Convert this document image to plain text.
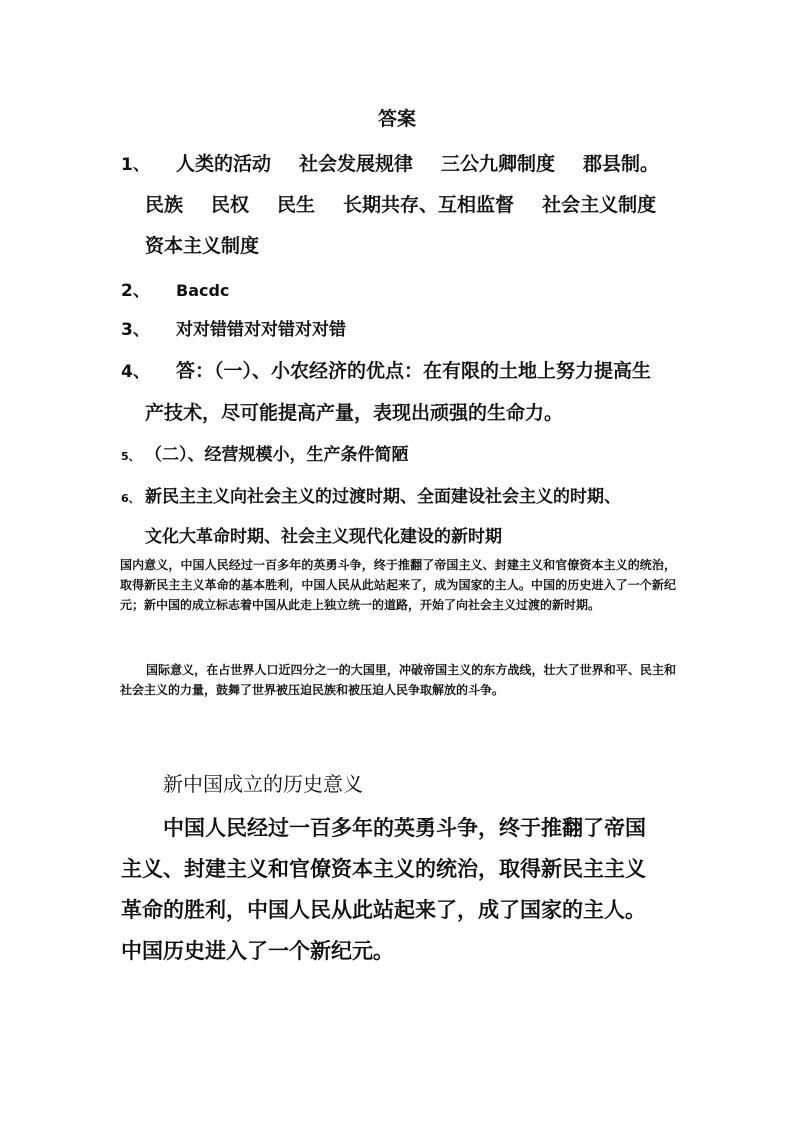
答案
1、 人类的活动 社会发展规律 三公九卿制度 郡县制。
民族 民权 民生 长期共存、互相监督 社会主义制度
资本主义制度
2、 Bacdc
3、 对对错错对对错对对错
4、 答：（一）、小农经济的优点：在有限的土地上努力提高生
产技术，尽可能提高产量，表现出顽强的生命力。
5、 （二）、经营规模小，生产条件简陋
6、 新民主主义向社会主义的过渡时期、全面建设社会主义的时期、
文化大革命时期、社会主义现代化建设的新时期
国内意义，中国人民经过一百多年的英勇斗争，终于推翻了帝国主义、封建主义和官僚资本主义的统治，取得新民主主义革命的基本胜利，中国人民从此站起来了，成为国家的主人。中国的历史进入了一个新纪元；新中国的成立标志着中国从此走上独立统一的道路，开始了向社会主义过渡的新时期。
国际意义，在占世界人口近四分之一的大国里，冲破帝国主义的东方战线，壮大了世界和平、民主和社会主义的力量，鼓舞了世界被压迫民族和被压迫人民争取解放的斗争。
新中国成立的历史意义
中国人民经过一百多年的英勇斗争，终于推翻了帝国
主义、封建主义和官僚资本主义的统治，取得新民主主义
革命的胜利，中国人民从此站起来了，成了国家的主人。
中国历史进入了一个新纪元。
